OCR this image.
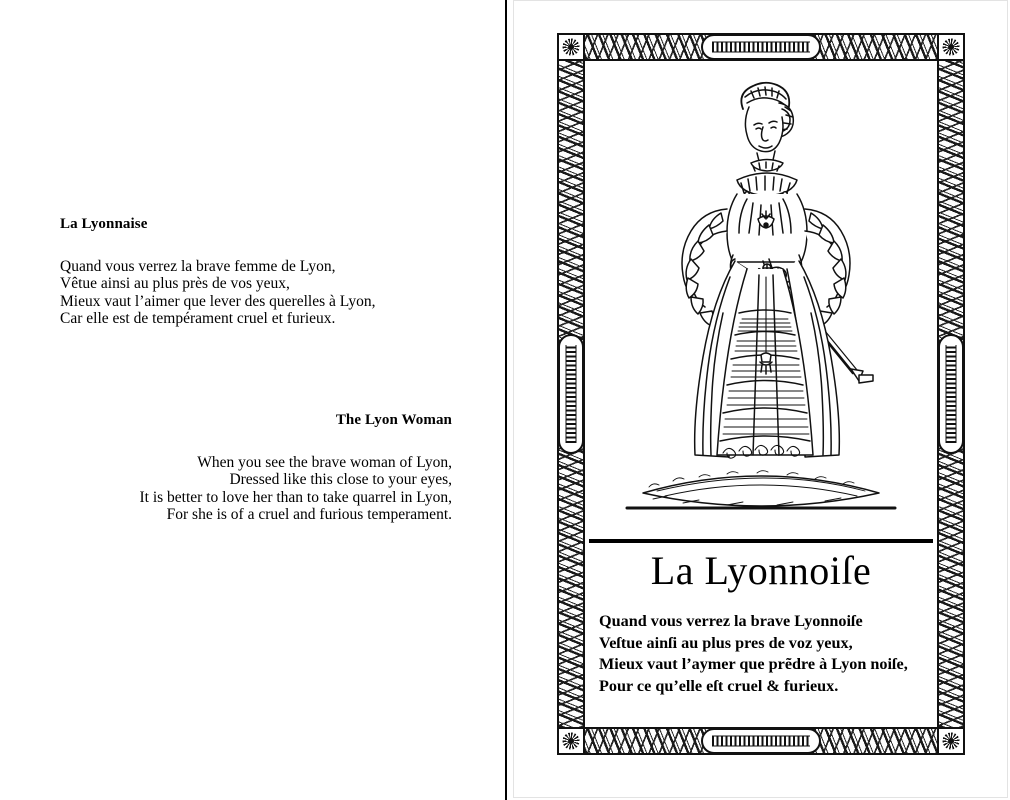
La Lyonnaise
Quand vous verrez la brave femme de Lyon,
Vêtue ainsi au plus près de vos yeux,
Mieux vaut l’aimer que lever des querelles à Lyon,
Car elle est de tempérament cruel et furieux.
The Lyon Woman
When you see the brave woman of Lyon,
Dressed like this close to your eyes,
It is better to love her than to take quarrel in Lyon,
For she is of a cruel and furious temperament.
La Lyonnoiſe
Quand vous verrez la brave Lyonnoiſe
Veſtue ainſi au plus pres de voz yeux,
Mieux vaut l’aymer que prẽdre à Lyon noiſe,
Pour ce qu’elle eſt cruel & furieux.
